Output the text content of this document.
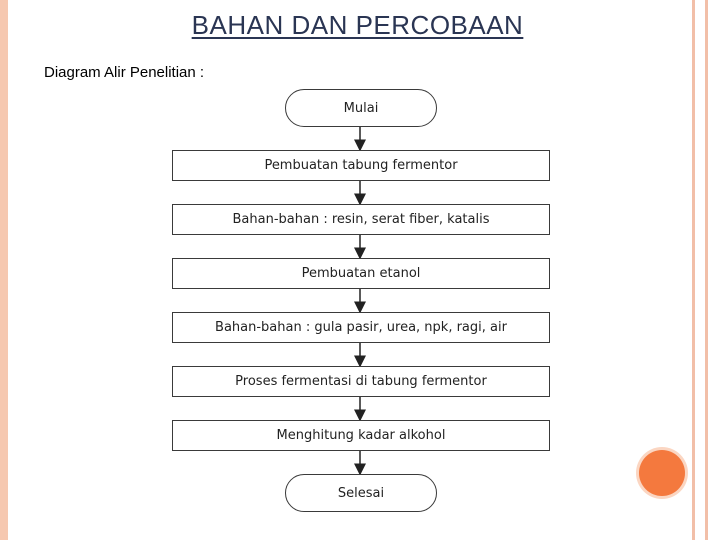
BAHAN DAN PERCOBAAN
Diagram Alir Penelitian :
Mulai
Pembuatan tabung fermentor
Bahan-bahan : resin, serat fiber, katalis
Pembuatan etanol
Bahan-bahan : gula pasir, urea, npk, ragi, air
Proses fermentasi di tabung fermentor
Menghitung kadar alkohol
Selesai
